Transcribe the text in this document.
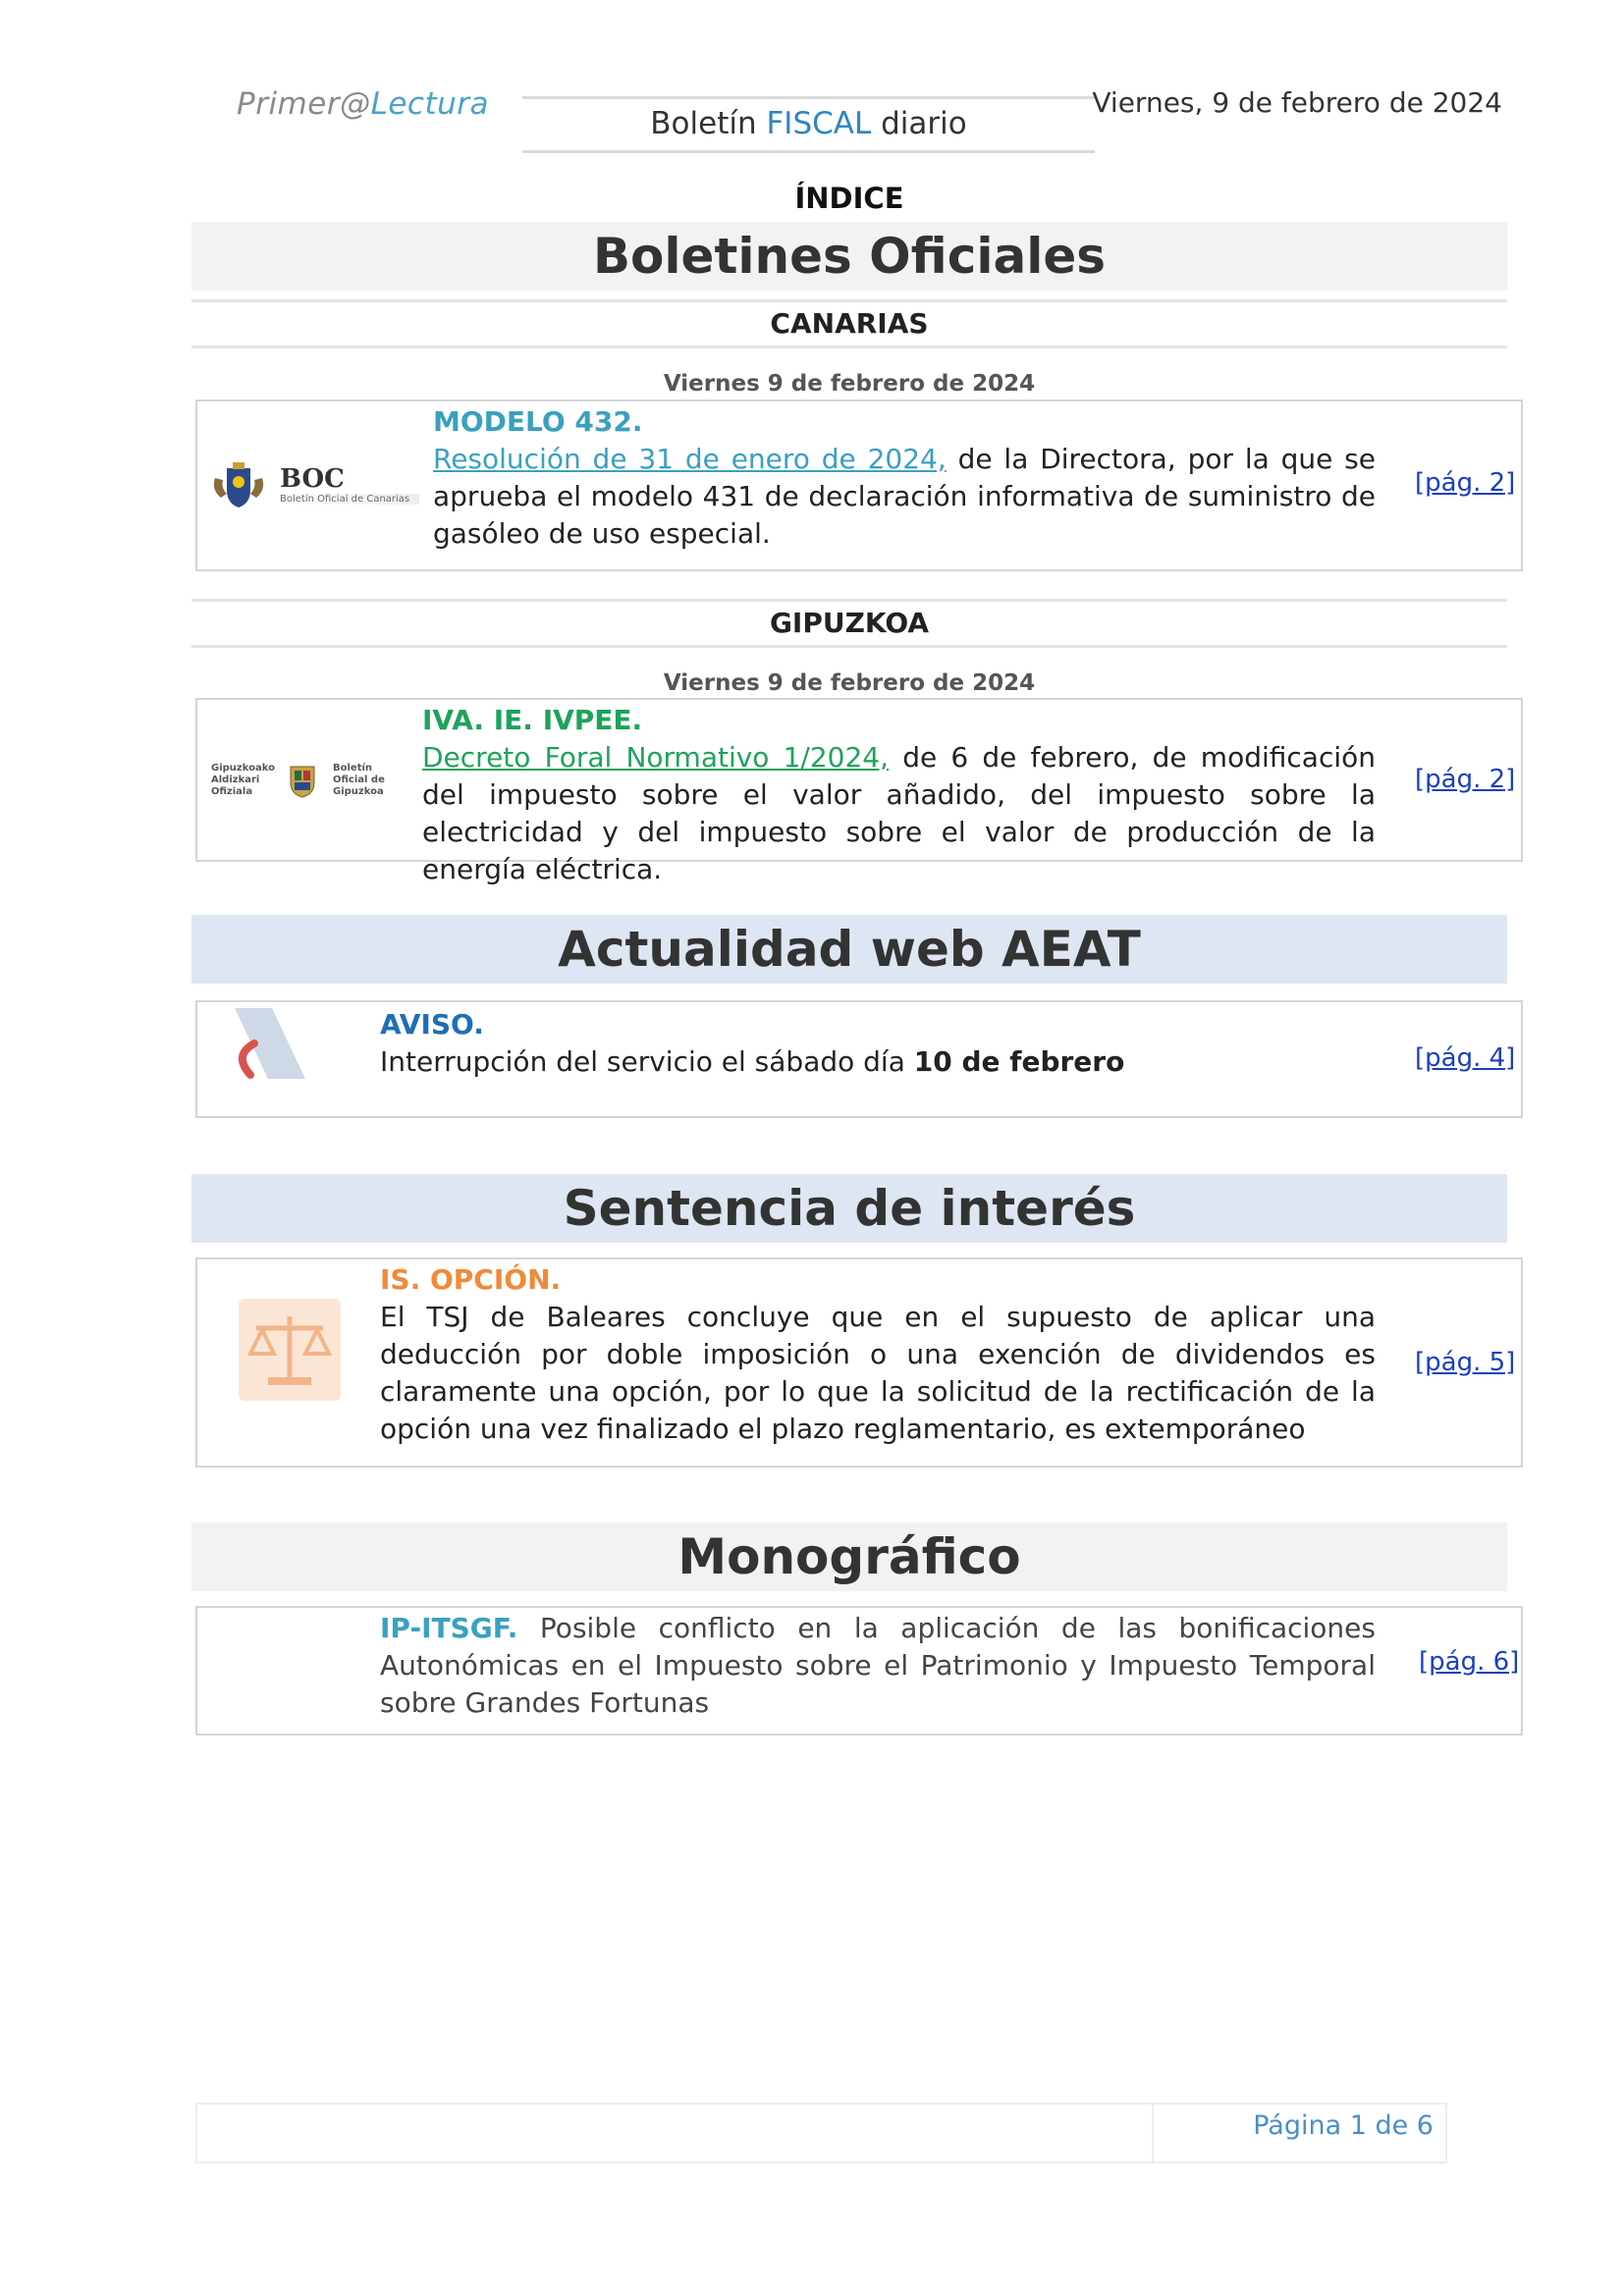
Primer@Lectura
Boletín FISCAL diario
Viernes, 9 de febrero de 2024
ÍNDICE
Boletines Oficiales
CANARIAS
Viernes 9 de febrero de 2024
BOC
Boletín Oficial de Canarias
MODELO 432.
Resolución de 31 de enero de 2024, de la Directora, por la que se aprueba el modelo 431 de declaración informativa de suministro de gasóleo de uso especial.
[pág. 2]
GIPUZKOA
Viernes 9 de febrero de 2024
Gipuzkoako
Aldizkari
Ofiziala
Boletín
Oficial de
Gipuzkoa
IVA. IE. IVPEE.
Decreto Foral Normativo 1/2024, de 6 de febrero, de modificación del impuesto sobre el valor añadido, del impuesto sobre la electricidad y del impuesto sobre el valor de producción de la energía eléctrica.
[pág. 2]
Actualidad web AEAT
AVISO.
Interrupción del servicio el sábado día 10 de febrero	[pág. 4]
Sentencia de interés
IS. OPCIÓN.
El TSJ de Baleares concluye que en el supuesto de aplicar una deducción por doble imposición o una exención de dividendos es claramente una opción, por lo que la solicitud de la rectificación de la opción una vez finalizado el plazo reglamentario, es extemporáneo
[pág. 5]
Monográfico
IP-ITSGF. Posible conflicto en la aplicación de las bonificaciones Autonómicas en el Impuesto sobre el Patrimonio y Impuesto Temporal sobre Grandes Fortunas
[pág. 6]
Página 1 de 6
